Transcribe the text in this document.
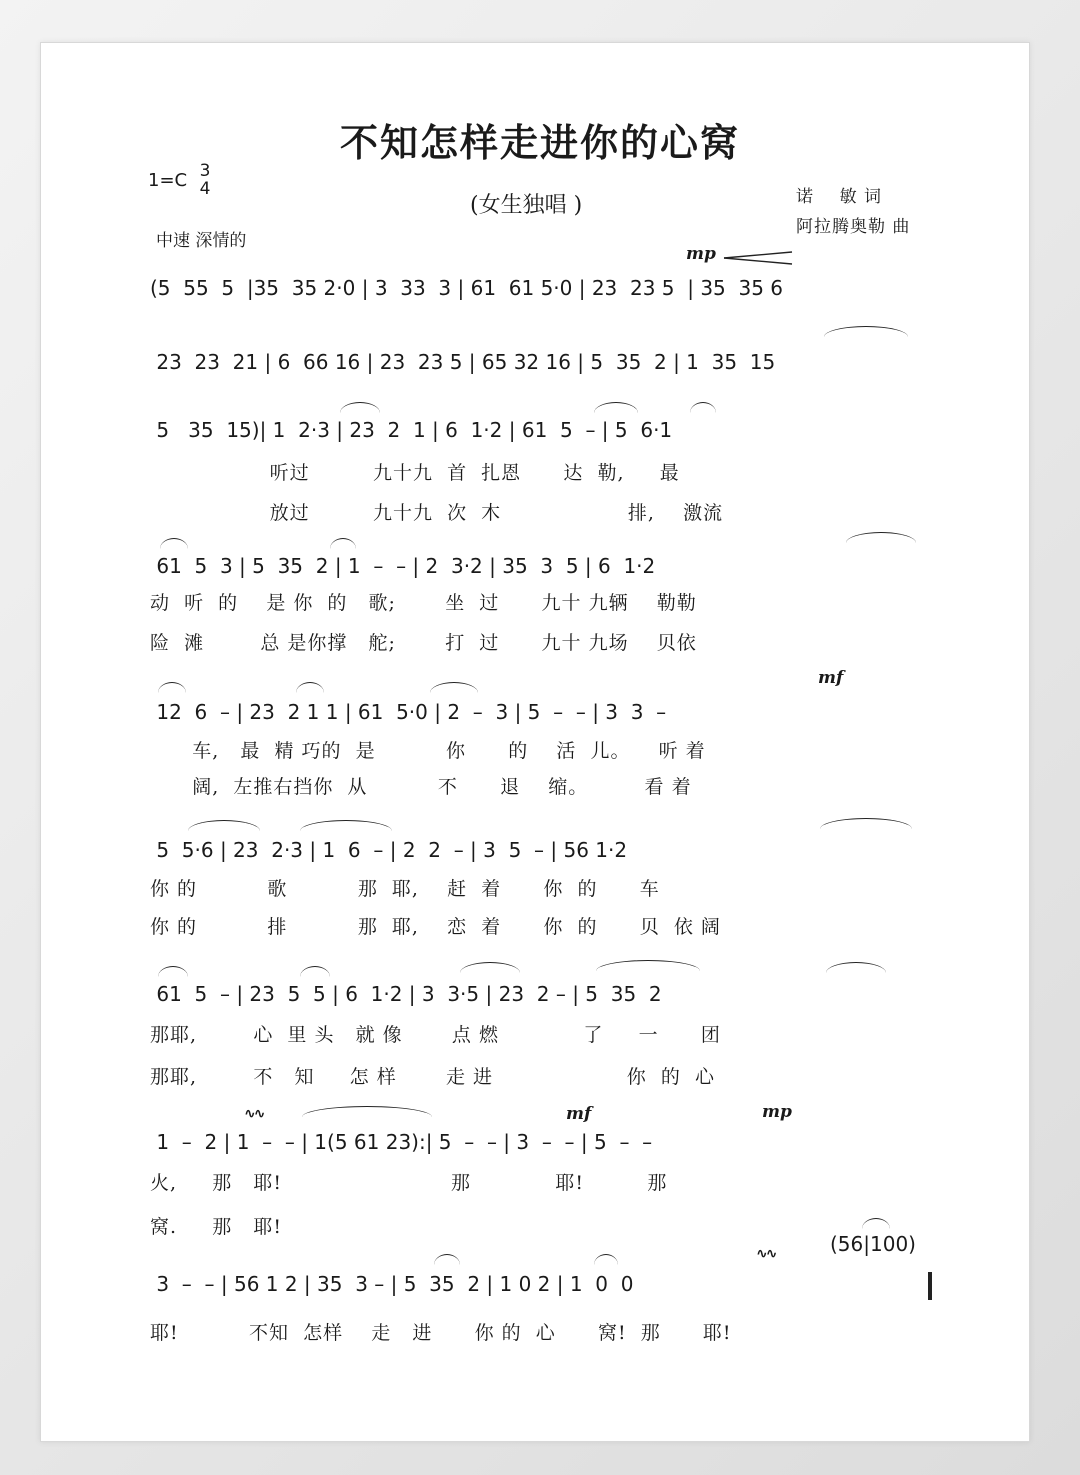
不知怎样走进你的心窝
1=C 3
4
(女生独唱 )	诺    敏 词
阿拉腾奥勒 曲
中速 深情的
mp
mf
mf	mp
∿∿
∿∿
(5  55  5  |35  35 2·0 | 3  33  3 | 61  61 5·0 | 23  23 5  | 35  35 6
23  23  21 | 6  66 16 | 23  23 5 | 65 32 16 | 5  35  2 | 1  35  15
5   35  15)| 1  2·3 | 23  2  1 | 6  1·2 | 61  5  – | 5  6·1
听过         九十九  首  扎恩      达  勒,     最
放过         九十九  次  木                  排,    激流
61  5  3 | 5  35  2 | 1  –  – | 2  3·2 | 35  3  5 | 6  1·2
动  听  的    是 你  的   歌;       坐  过      九十 九辆    勒勒
险  滩        总 是你撑   舵;       打  过      九十 九场    贝依
12  6  – | 23  2 1 1 | 61  5·0 | 2  –  3 | 5  –  – | 3  3  –
车,   最  精 巧的  是          你      的    活  儿。    听 着
阔,  左推右挡你  从          不      退    缩。        看 着
5  5·6 | 23  2·3 | 1  6  – | 2  2  – | 3  5  – | 56 1·2
你 的          歌          那  耶,    赶  着      你  的      车
你 的          排          那  耶,    恋  着      你  的      贝  依 阔
61  5  – | 23  5  5 | 6  1·2 | 3  3·5 | 23  2 – | 5  35  2
那耶,        心  里 头   就 像       点 燃            了     一      团
那耶,        不   知     怎 样       走 进                   你  的  心
1  –  2 | 1  –  – | 1(5 61 23):| 5  –  – | 3  –  – | 5  –  –
火,     那   耶!                        那            耶!         那
窝.     那   耶!
(56|100)
3  –  – | 56 1 2 | 35  3 – | 5  35  2 | 1 0 2 | 1  0  0
耶!          不知  怎样    走   进      你 的  心      窝!  那      耶!
